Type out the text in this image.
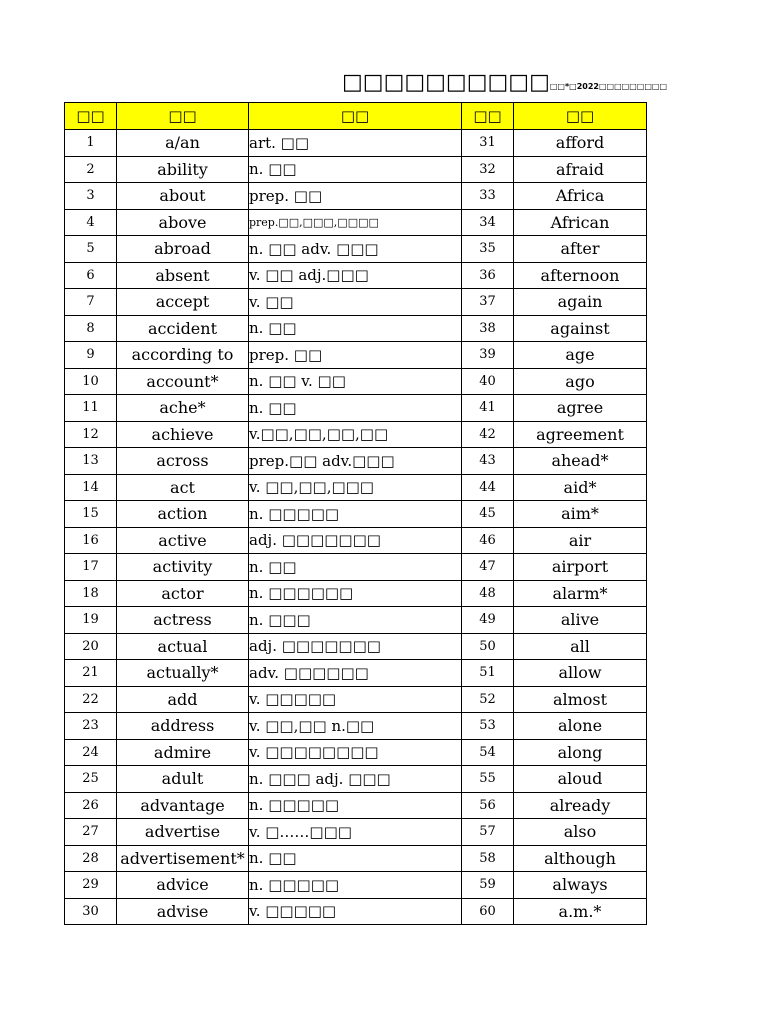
□□□□□□□□□□□□*□2022□□□□□□□□□
□□	□□	□□	□□	□□
1	a/an	art. □□	31	afford
2	ability	n. □□	32	afraid
3	about	prep. □□	33	Africa
4	above	prep.□□,□□□,□□□□	34	African
5	abroad	n. □□ adv. □□□	35	after
6	absent	v. □□ adj.□□□	36	afternoon
7	accept	v. □□	37	again
8	accident	n. □□	38	against
9	according to	prep. □□	39	age
10	account*	n. □□ v. □□	40	ago
11	ache*	n. □□	41	agree
12	achieve	v.□□,□□,□□,□□	42	agreement
13	across	prep.□□ adv.□□□	43	ahead*
14	act	v. □□,□□,□□□	44	aid*
15	action	n. □□□□□	45	aim*
16	active	adj. □□□□□□□	46	air
17	activity	n. □□	47	airport
18	actor	n. □□□□□□	48	alarm*
19	actress	n. □□□	49	alive
20	actual	adj. □□□□□□□	50	all
21	actually*	adv. □□□□□□	51	allow
22	add	v. □□□□□	52	almost
23	address	v. □□,□□ n.□□	53	alone
24	admire	v. □□□□□□□□	54	along
25	adult	n. □□□ adj. □□□	55	aloud
26	advantage	n. □□□□□	56	already
27	advertise	v. □……□□□	57	also
28	advertisement*	n. □□	58	although
29	advice	n. □□□□□	59	always
30	advise	v. □□□□□	60	a.m.*
